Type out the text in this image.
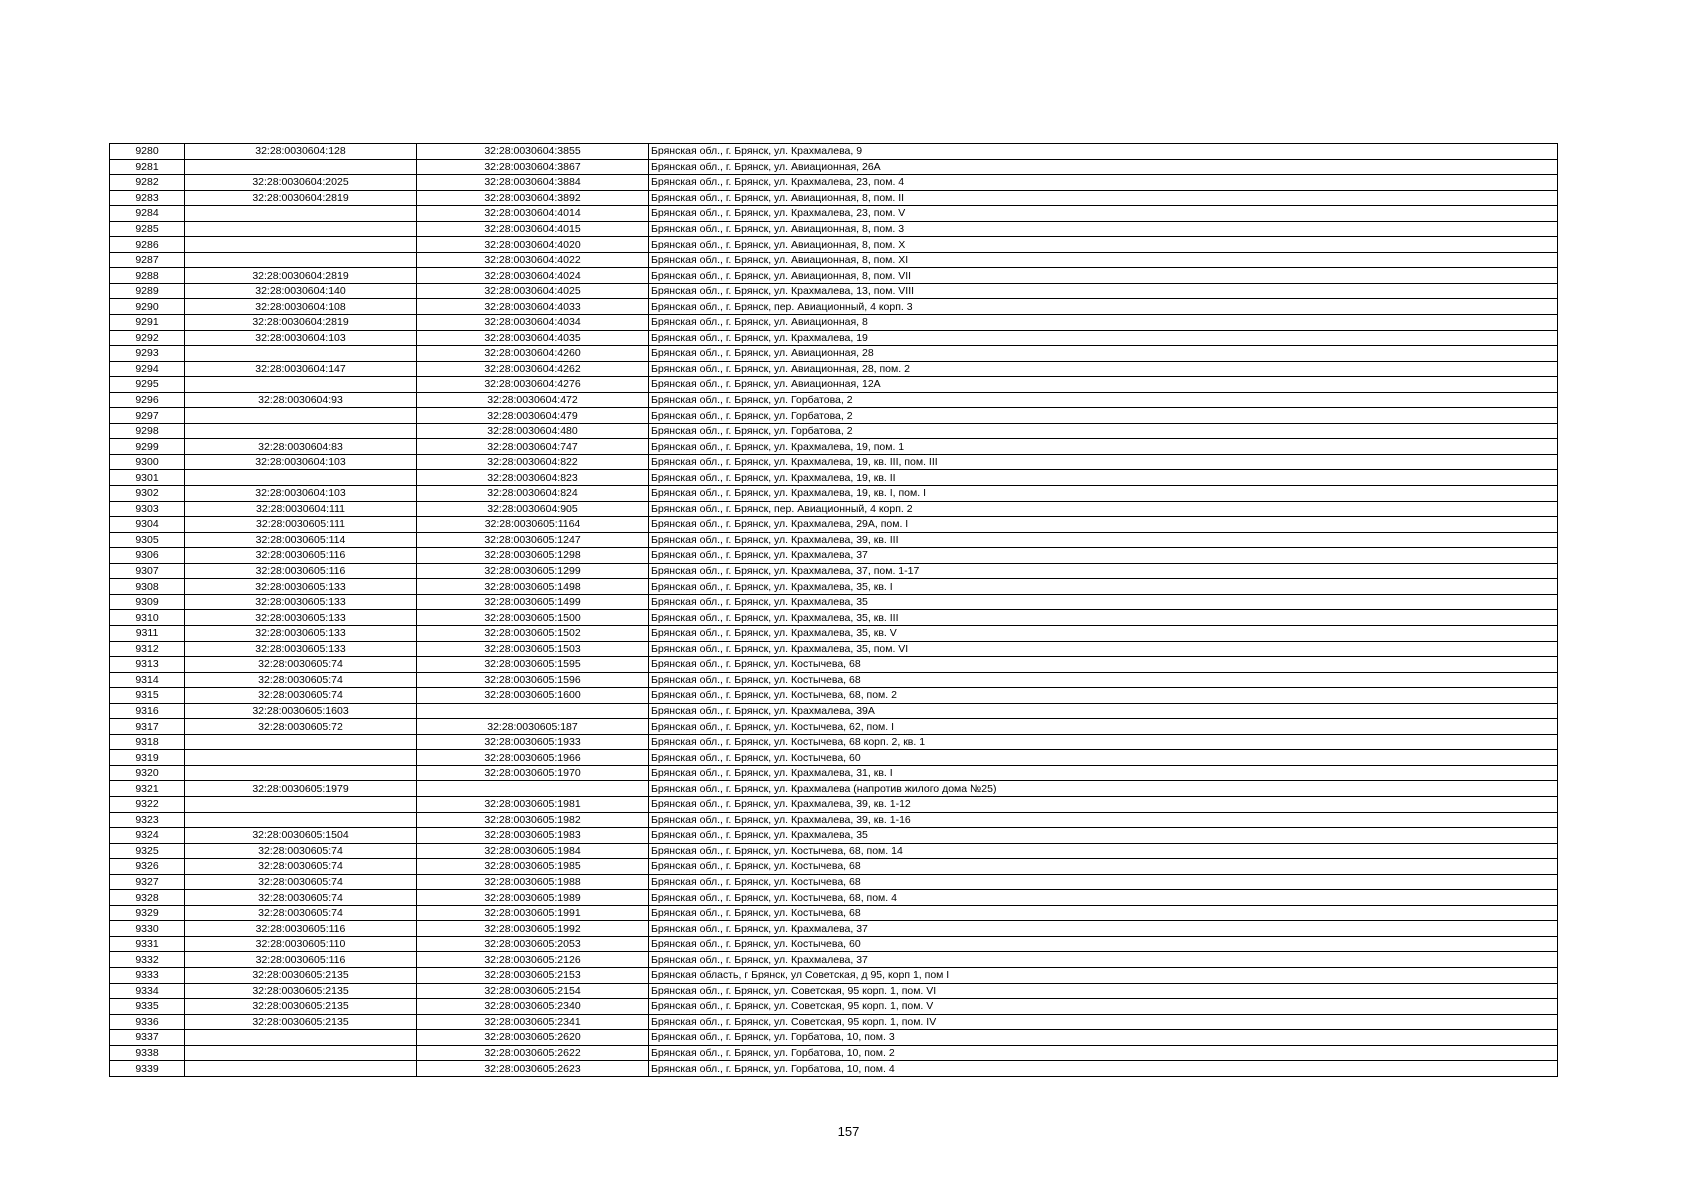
9280	32:28:0030604:128	32:28:0030604:3855	Брянская обл., г. Брянск, ул. Крахмалева, 9
9281		32:28:0030604:3867	Брянская обл., г. Брянск, ул. Авиационная, 26А
9282	32:28:0030604:2025	32:28:0030604:3884	Брянская обл., г. Брянск, ул. Крахмалева, 23, пом. 4
9283	32:28:0030604:2819	32:28:0030604:3892	Брянская обл., г. Брянск, ул. Авиационная, 8, пом. II
9284		32:28:0030604:4014	Брянская обл., г. Брянск, ул. Крахмалева, 23, пом. V
9285		32:28:0030604:4015	Брянская обл., г. Брянск, ул. Авиационная, 8, пом. 3
9286		32:28:0030604:4020	Брянская обл., г. Брянск, ул. Авиационная, 8, пом. X
9287		32:28:0030604:4022	Брянская обл., г. Брянск, ул. Авиационная, 8, пом. XI
9288	32:28:0030604:2819	32:28:0030604:4024	Брянская обл., г. Брянск, ул. Авиационная, 8, пом. VII
9289	32:28:0030604:140	32:28:0030604:4025	Брянская обл., г. Брянск, ул. Крахмалева, 13, пом. VIII
9290	32:28:0030604:108	32:28:0030604:4033	Брянская обл., г. Брянск, пер. Авиационный, 4 корп. 3
9291	32:28:0030604:2819	32:28:0030604:4034	Брянская обл., г. Брянск, ул. Авиационная, 8
9292	32:28:0030604:103	32:28:0030604:4035	Брянская обл., г. Брянск, ул. Крахмалева, 19
9293		32:28:0030604:4260	Брянская обл., г. Брянск, ул. Авиационная, 28
9294	32:28:0030604:147	32:28:0030604:4262	Брянская обл., г. Брянск, ул. Авиационная, 28, пом. 2
9295		32:28:0030604:4276	Брянская обл., г. Брянск, ул. Авиационная, 12А
9296	32:28:0030604:93	32:28:0030604:472	Брянская обл., г. Брянск, ул. Горбатова, 2
9297		32:28:0030604:479	Брянская обл., г. Брянск, ул. Горбатова, 2
9298		32:28:0030604:480	Брянская обл., г. Брянск, ул. Горбатова, 2
9299	32:28:0030604:83	32:28:0030604:747	Брянская обл., г. Брянск, ул. Крахмалева, 19, пом. 1
9300	32:28:0030604:103	32:28:0030604:822	Брянская обл., г. Брянск, ул. Крахмалева, 19, кв. III, пом. III
9301		32:28:0030604:823	Брянская обл., г. Брянск, ул. Крахмалева, 19, кв. II
9302	32:28:0030604:103	32:28:0030604:824	Брянская обл., г. Брянск, ул. Крахмалева, 19, кв. I, пом. I
9303	32:28:0030604:111	32:28:0030604:905	Брянская обл., г. Брянск, пер. Авиационный, 4 корп. 2
9304	32:28:0030605:111	32:28:0030605:1164	Брянская обл., г. Брянск, ул. Крахмалева, 29А, пом. I
9305	32:28:0030605:114	32:28:0030605:1247	Брянская обл., г. Брянск, ул. Крахмалева, 39, кв. III
9306	32:28:0030605:116	32:28:0030605:1298	Брянская обл., г. Брянск, ул. Крахмалева, 37
9307	32:28:0030605:116	32:28:0030605:1299	Брянская обл., г. Брянск, ул. Крахмалева, 37, пом. 1-17
9308	32:28:0030605:133	32:28:0030605:1498	Брянская обл., г. Брянск, ул. Крахмалева, 35, кв. I
9309	32:28:0030605:133	32:28:0030605:1499	Брянская обл., г. Брянск, ул. Крахмалева, 35
9310	32:28:0030605:133	32:28:0030605:1500	Брянская обл., г. Брянск, ул. Крахмалева, 35, кв. III
9311	32:28:0030605:133	32:28:0030605:1502	Брянская обл., г. Брянск, ул. Крахмалева, 35, кв. V
9312	32:28:0030605:133	32:28:0030605:1503	Брянская обл., г. Брянск, ул. Крахмалева, 35, пом. VI
9313	32:28:0030605:74	32:28:0030605:1595	Брянская обл., г. Брянск, ул. Костычева, 68
9314	32:28:0030605:74	32:28:0030605:1596	Брянская обл., г. Брянск, ул. Костычева, 68
9315	32:28:0030605:74	32:28:0030605:1600	Брянская обл., г. Брянск, ул. Костычева, 68, пом. 2
9316	32:28:0030605:1603		Брянская обл., г. Брянск, ул. Крахмалева, 39А
9317	32:28:0030605:72	32:28:0030605:187	Брянская обл., г. Брянск, ул. Костычева, 62, пом. I
9318		32:28:0030605:1933	Брянская обл., г. Брянск, ул. Костычева, 68 корп. 2, кв. 1
9319		32:28:0030605:1966	Брянская обл., г. Брянск, ул. Костычева, 60
9320		32:28:0030605:1970	Брянская обл., г. Брянск, ул. Крахмалева, 31, кв. I
9321	32:28:0030605:1979		Брянская обл., г. Брянск, ул. Крахмалева (напротив жилого дома №25)
9322		32:28:0030605:1981	Брянская обл., г. Брянск, ул. Крахмалева, 39, кв. 1-12
9323		32:28:0030605:1982	Брянская обл., г. Брянск, ул. Крахмалева, 39, кв. 1-16
9324	32:28:0030605:1504	32:28:0030605:1983	Брянская обл., г. Брянск, ул. Крахмалева, 35
9325	32:28:0030605:74	32:28:0030605:1984	Брянская обл., г. Брянск, ул. Костычева, 68, пом. 14
9326	32:28:0030605:74	32:28:0030605:1985	Брянская обл., г. Брянск, ул. Костычева, 68
9327	32:28:0030605:74	32:28:0030605:1988	Брянская обл., г. Брянск, ул. Костычева, 68
9328	32:28:0030605:74	32:28:0030605:1989	Брянская обл., г. Брянск, ул. Костычева, 68, пом. 4
9329	32:28:0030605:74	32:28:0030605:1991	Брянская обл., г. Брянск, ул. Костычева, 68
9330	32:28:0030605:116	32:28:0030605:1992	Брянская обл., г. Брянск, ул. Крахмалева, 37
9331	32:28:0030605:110	32:28:0030605:2053	Брянская обл., г. Брянск, ул. Костычева, 60
9332	32:28:0030605:116	32:28:0030605:2126	Брянская обл., г. Брянск, ул. Крахмалева, 37
9333	32:28:0030605:2135	32:28:0030605:2153	Брянская область, г Брянск, ул Советская, д 95, корп 1, пом I
9334	32:28:0030605:2135	32:28:0030605:2154	Брянская обл., г. Брянск, ул. Советская, 95 корп. 1, пом. VI
9335	32:28:0030605:2135	32:28:0030605:2340	Брянская обл., г. Брянск, ул. Советская, 95 корп. 1, пом. V
9336	32:28:0030605:2135	32:28:0030605:2341	Брянская обл., г. Брянск, ул. Советская, 95 корп. 1, пом. IV
9337		32:28:0030605:2620	Брянская обл., г. Брянск, ул. Горбатова, 10, пом. 3
9338		32:28:0030605:2622	Брянская обл., г. Брянск, ул. Горбатова, 10, пом. 2
9339		32:28:0030605:2623	Брянская обл., г. Брянск, ул. Горбатова, 10, пом. 4
157
